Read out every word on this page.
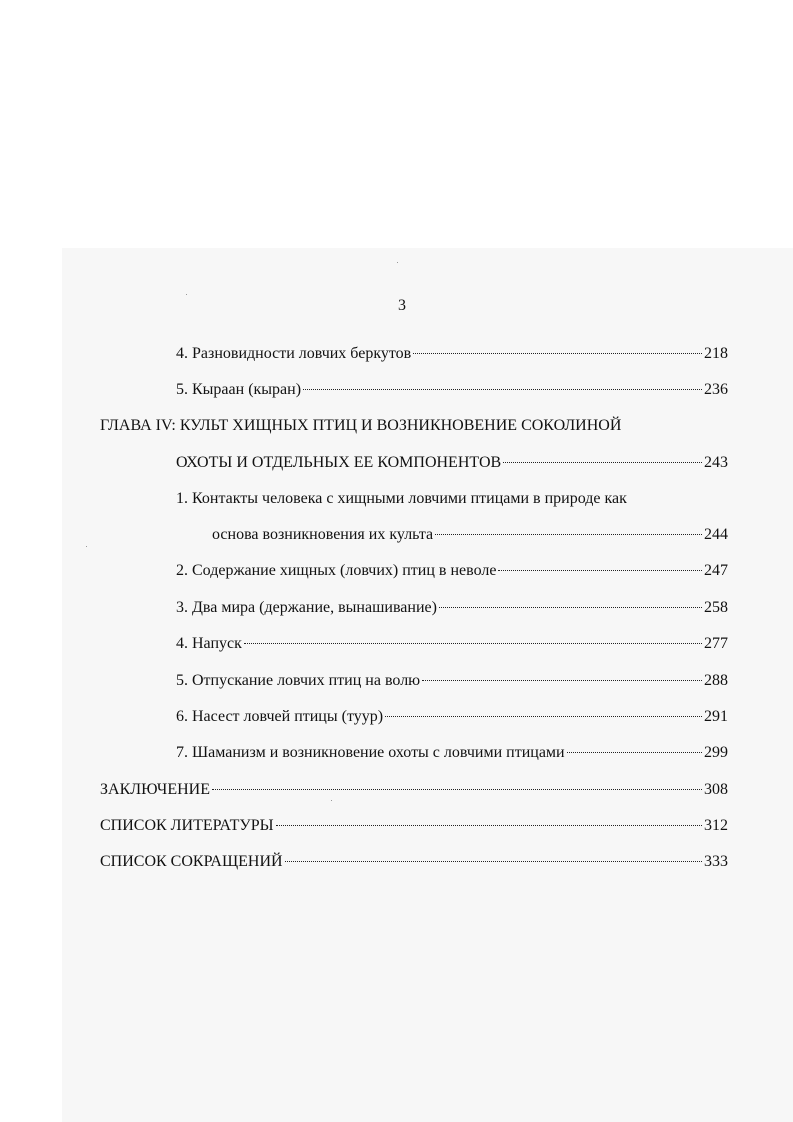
3
4. Разновидности ловчих беркутов	218
5. Кыраан (кыран)	236
ГЛАВА IV: КУЛЬТ ХИЩНЫХ ПТИЦ И ВОЗНИКНОВЕНИЕ СОКОЛИНОЙ
ОХОТЫ И ОТДЕЛЬНЫХ ЕЕ КОМПОНЕНТОВ	243
1. Контакты человека с хищными ловчими птицами в природе как
основа возникновения их культа	244
2. Содержание хищных (ловчих) птиц в неволе	247
3. Два мира (держание, вынашивание)	258
4. Напуск	277
5. Отпускание ловчих птиц на волю	288
6. Насест ловчей птицы (туур)	291
7. Шаманизм и возникновение охоты с ловчими птицами	299
ЗАКЛЮЧЕНИЕ	308
СПИСОК ЛИТЕРАТУРЫ	312
СПИСОК СОКРАЩЕНИЙ	333
